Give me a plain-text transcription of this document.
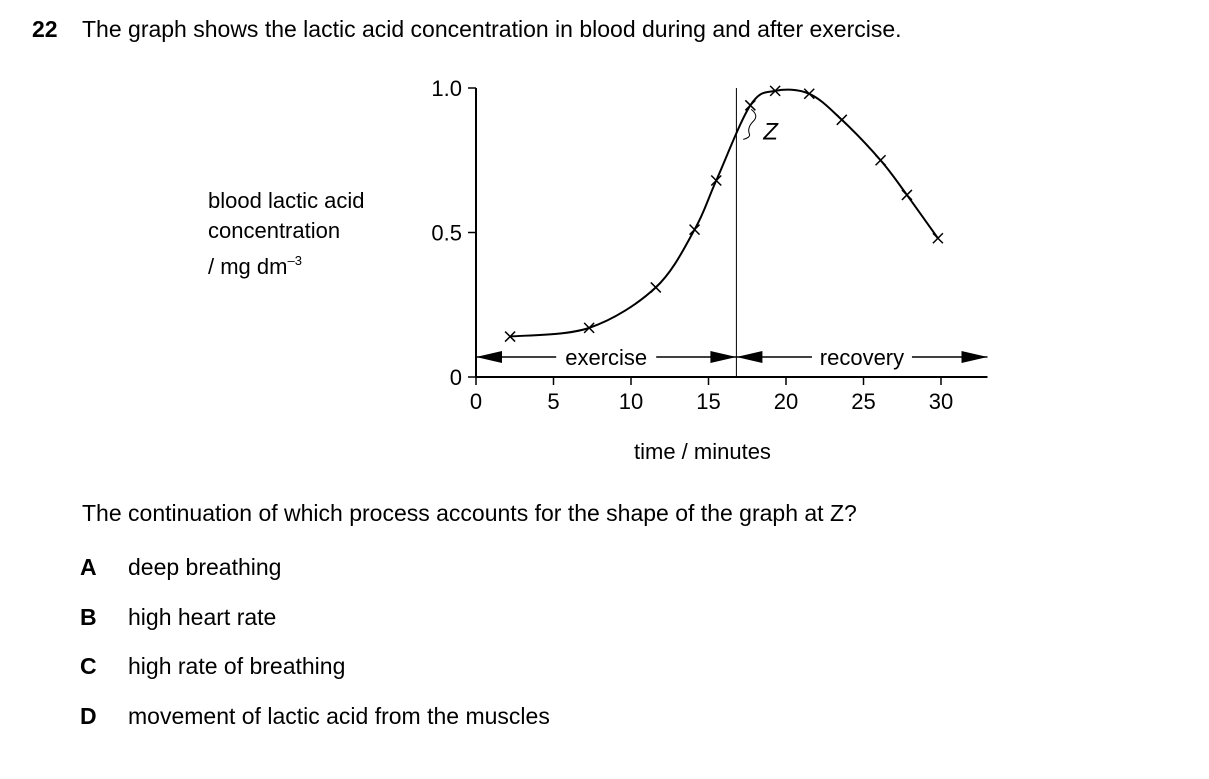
22 The graph shows the lactic acid concentration in blood during and after exercise.
blood lactic acid
concentration
/ mg $dm^{-3}$
0	5	10 15 20 25 30
0
0.5
1.0
exercise	recovery
Z
time / minutes
The continuation of which process accounts for the shape of the graph at Z?
A deep breathing
B high heart rate
C high rate of breathing
D movement of lactic acid from the muscles
